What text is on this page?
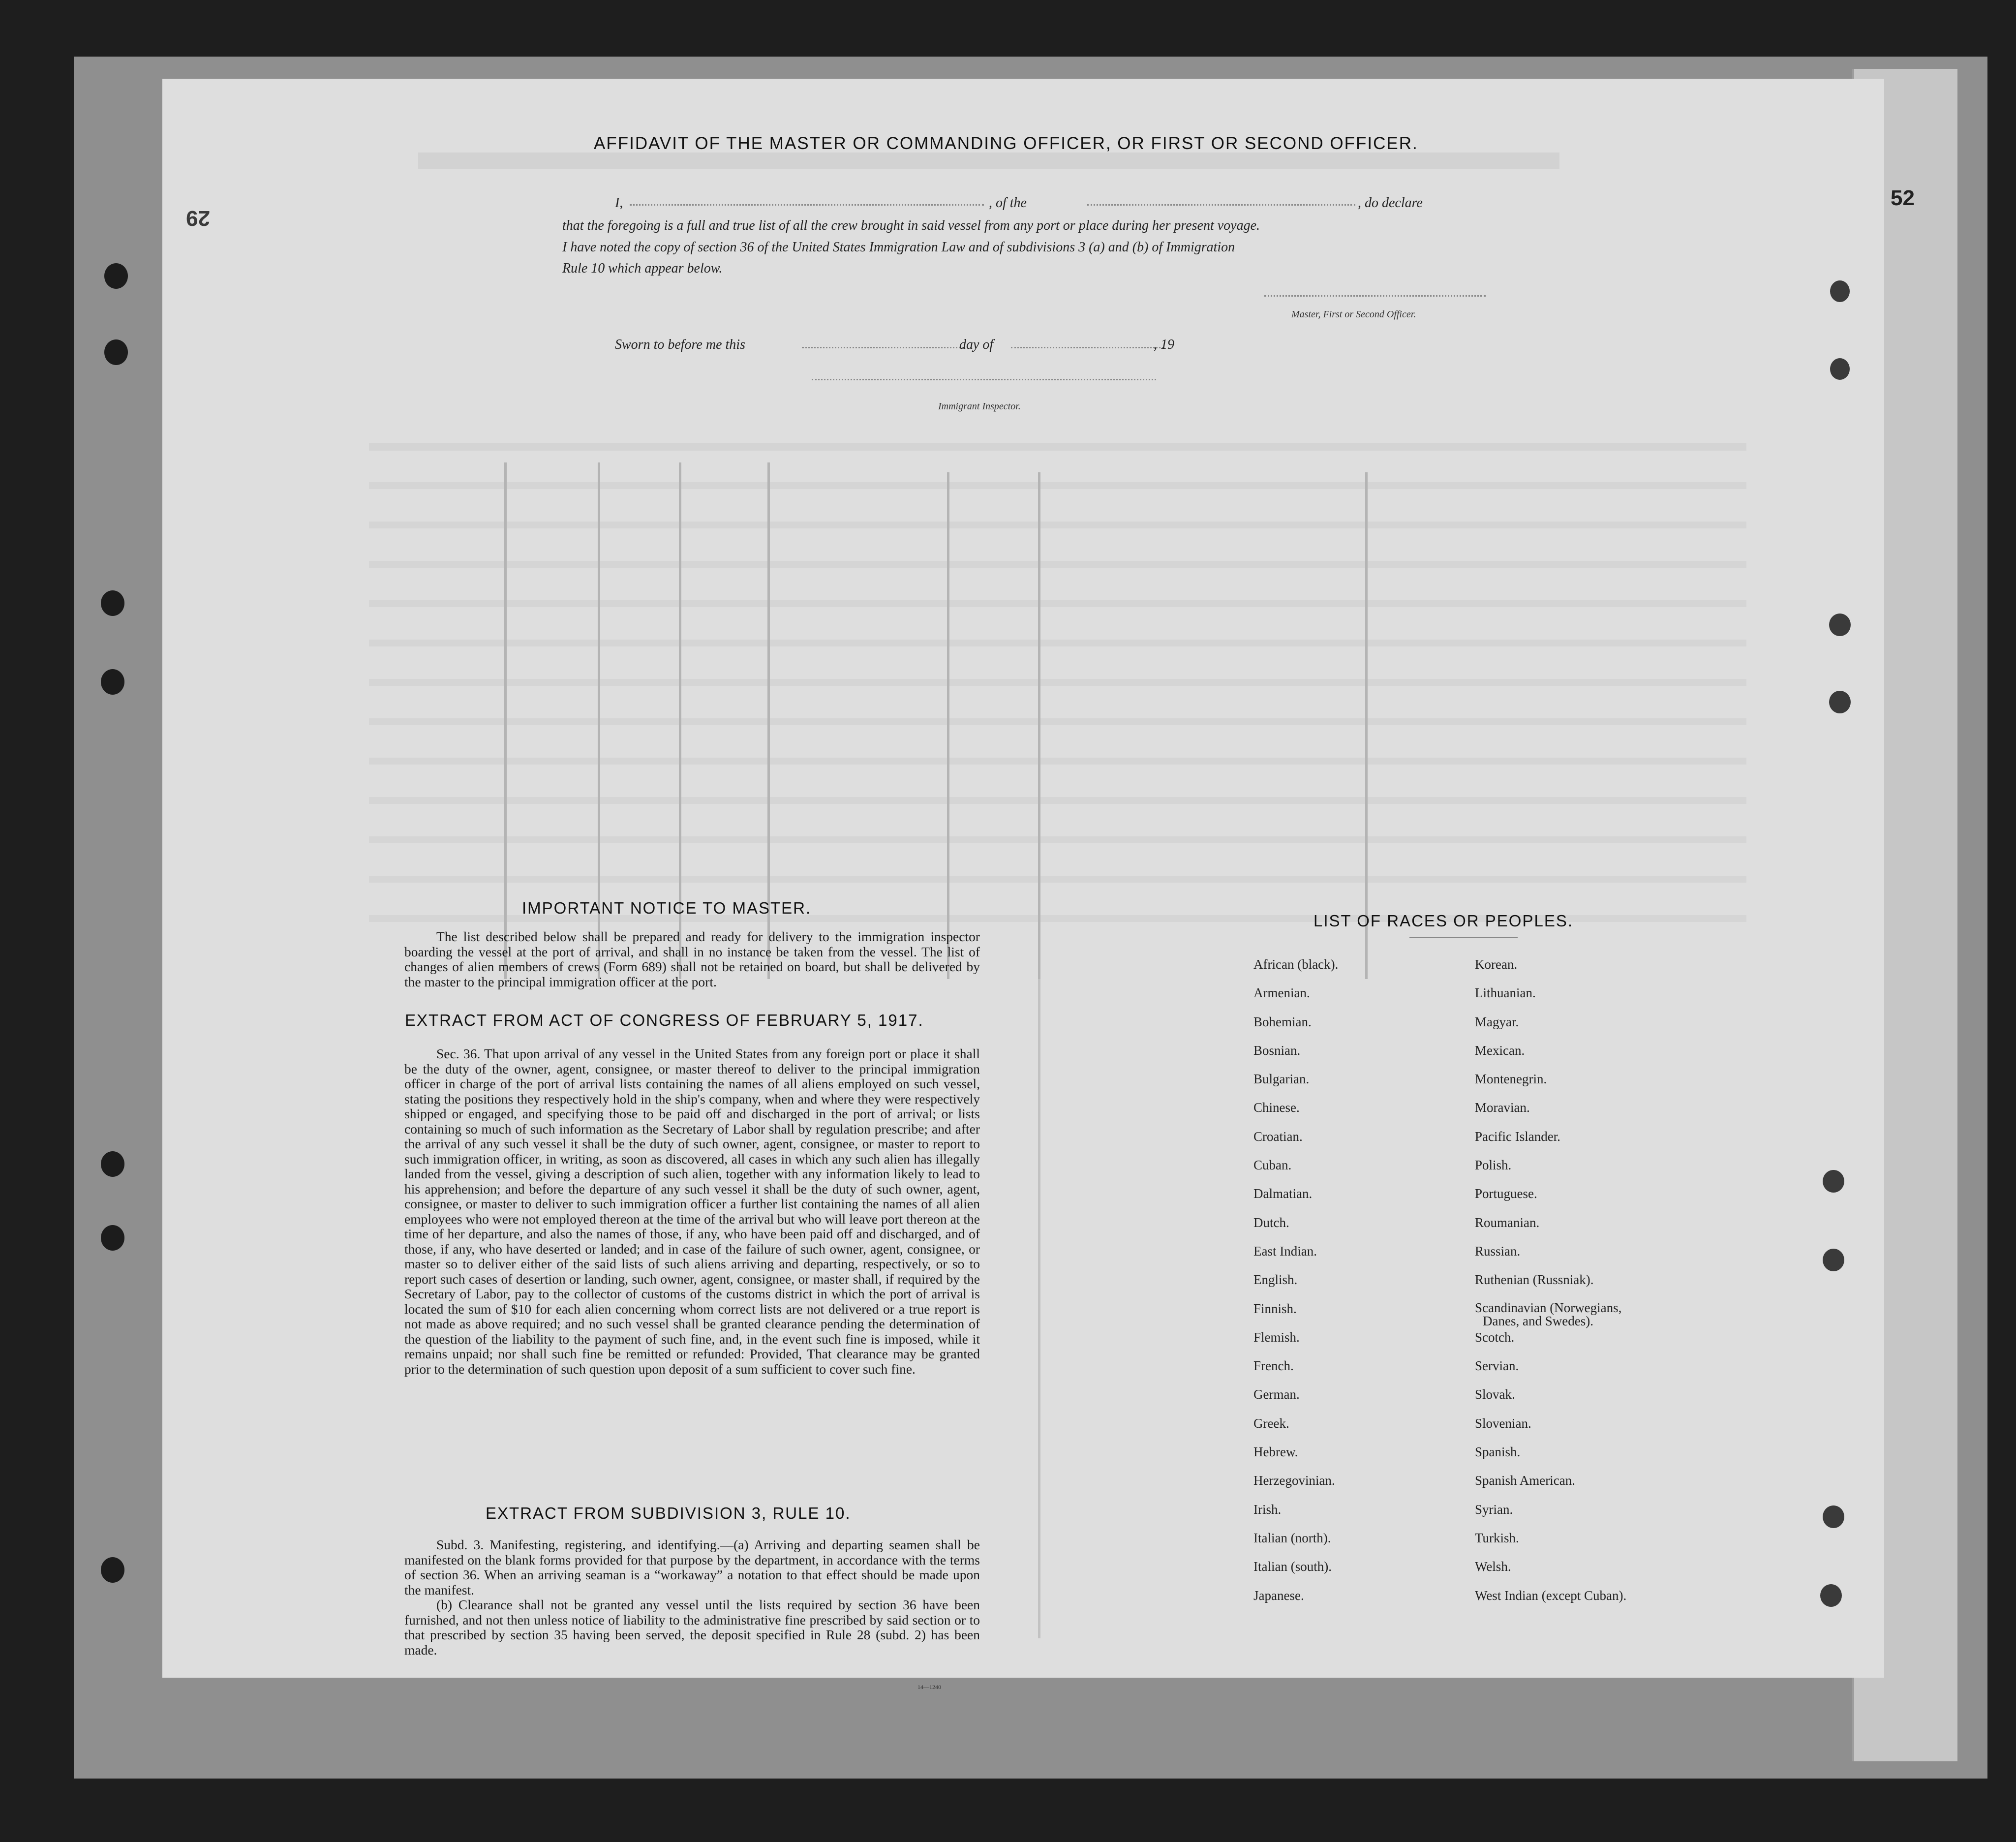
AFFIDAVIT OF THE MASTER OR COMMANDING OFFICER, OR FIRST OR SECOND OFFICER.
I,	, of the	, do declare
that the foregoing is a full and true list of all the crew brought in said vessel from any port or place during her present voyage.
I have noted the copy of section 36 of the United States Immigration Law and of subdivisions 3 (a) and (b) of Immigration
Rule 10 which appear below.
Master, First or Second Officer.
Sworn to before me this	day of	, 19
Immigrant Inspector.
IMPORTANT NOTICE TO MASTER.

The list described below shall be prepared and ready for delivery to the immigration inspector boarding the vessel at the port of arrival, and shall in no instance be taken from the vessel. The list of changes of alien members of crews (Form 689) shall not be retained on board, but shall be delivered by the master to the principal immigration officer at the port.

EXTRACT FROM ACT OF CONGRESS OF FEBRUARY 5, 1917.

Sec. 36. That upon arrival of any vessel in the United States from any foreign port or place it shall be the duty of the owner, agent, consignee, or master thereof to deliver to the principal immigration officer in charge of the port of arrival lists containing the names of all aliens employed on such vessel, stating the positions they respectively hold in the ship's company, when and where they were respectively shipped or engaged, and specifying those to be paid off and discharged in the port of arrival; or lists containing so much of such information as the Secretary of Labor shall by regulation prescribe; and after the arrival of any such vessel it shall be the duty of such owner, agent, consignee, or master to report to such immigration officer, in writing, as soon as discovered, all cases in which any such alien has illegally landed from the vessel, giving a description of such alien, together with any information likely to lead to his apprehension; and before the departure of any such vessel it shall be the duty of such owner, agent, consignee, or master to deliver to such immigration officer a further list containing the names of all alien employees who were not employed thereon at the time of the arrival but who will leave port thereon at the time of her departure, and also the names of those, if any, who have been paid off and discharged, and of those, if any, who have deserted or landed; and in case of the failure of such owner, agent, consignee, or master so to deliver either of the said lists of such aliens arriving and departing, respectively, or so to report such cases of desertion or landing, such owner, agent, consignee, or master shall, if required by the Secretary of Labor, pay to the collector of customs of the customs district in which the port of arrival is located the sum of $10 for each alien concerning whom correct lists are not delivered or a true report is not made as above required; and no such vessel shall be granted clearance pending the determination of the question of the liability to the payment of such fine, and, in the event such fine is imposed, while it remains unpaid; nor shall such fine be remitted or refunded: Provided, That clearance may be granted prior to the determination of such question upon deposit of a sum sufficient to cover such fine.

EXTRACT FROM SUBDIVISION 3, RULE 10.

Subd. 3. Manifesting, registering, and identifying.—(a) Arriving and departing seamen shall be manifested on the blank forms provided for that purpose by the department, in accordance with the terms of section 36. When an arriving seaman is a “workaway” a notation to that effect should be made upon the manifest.

(b) Clearance shall not be granted any vessel until the lists required by section 36 have been furnished, and not then unless notice of liability to the administrative fine prescribed by said section or to that prescribed by section 35 having been served, the deposit specified in Rule 28 (subd. 2) has been made.

14—1240
LIST OF RACES OR PEOPLES.
African (black).
Armenian.
Bohemian.
Bosnian.
Bulgarian.
Chinese.
Croatian.
Cuban.
Dalmatian.
Dutch.
East Indian.
English.
Finnish.
Flemish.
French.
German.
Greek.
Hebrew.
Herzegovinian.
Irish.
Italian (north).
Italian (south).
Japanese.
Korean.
Lithuanian.
Magyar.
Mexican.
Montenegrin.
Moravian.
Pacific Islander.
Polish.
Portuguese.
Roumanian.
Russian.
Ruthenian (Russniak).
Scandinavian (Norwegians,
Danes, and Swedes).
Scotch.
Servian.
Slovak.
Slovenian.
Spanish.
Spanish American.
Syrian.
Turkish.
Welsh.
West Indian (except Cuban).
52
29
